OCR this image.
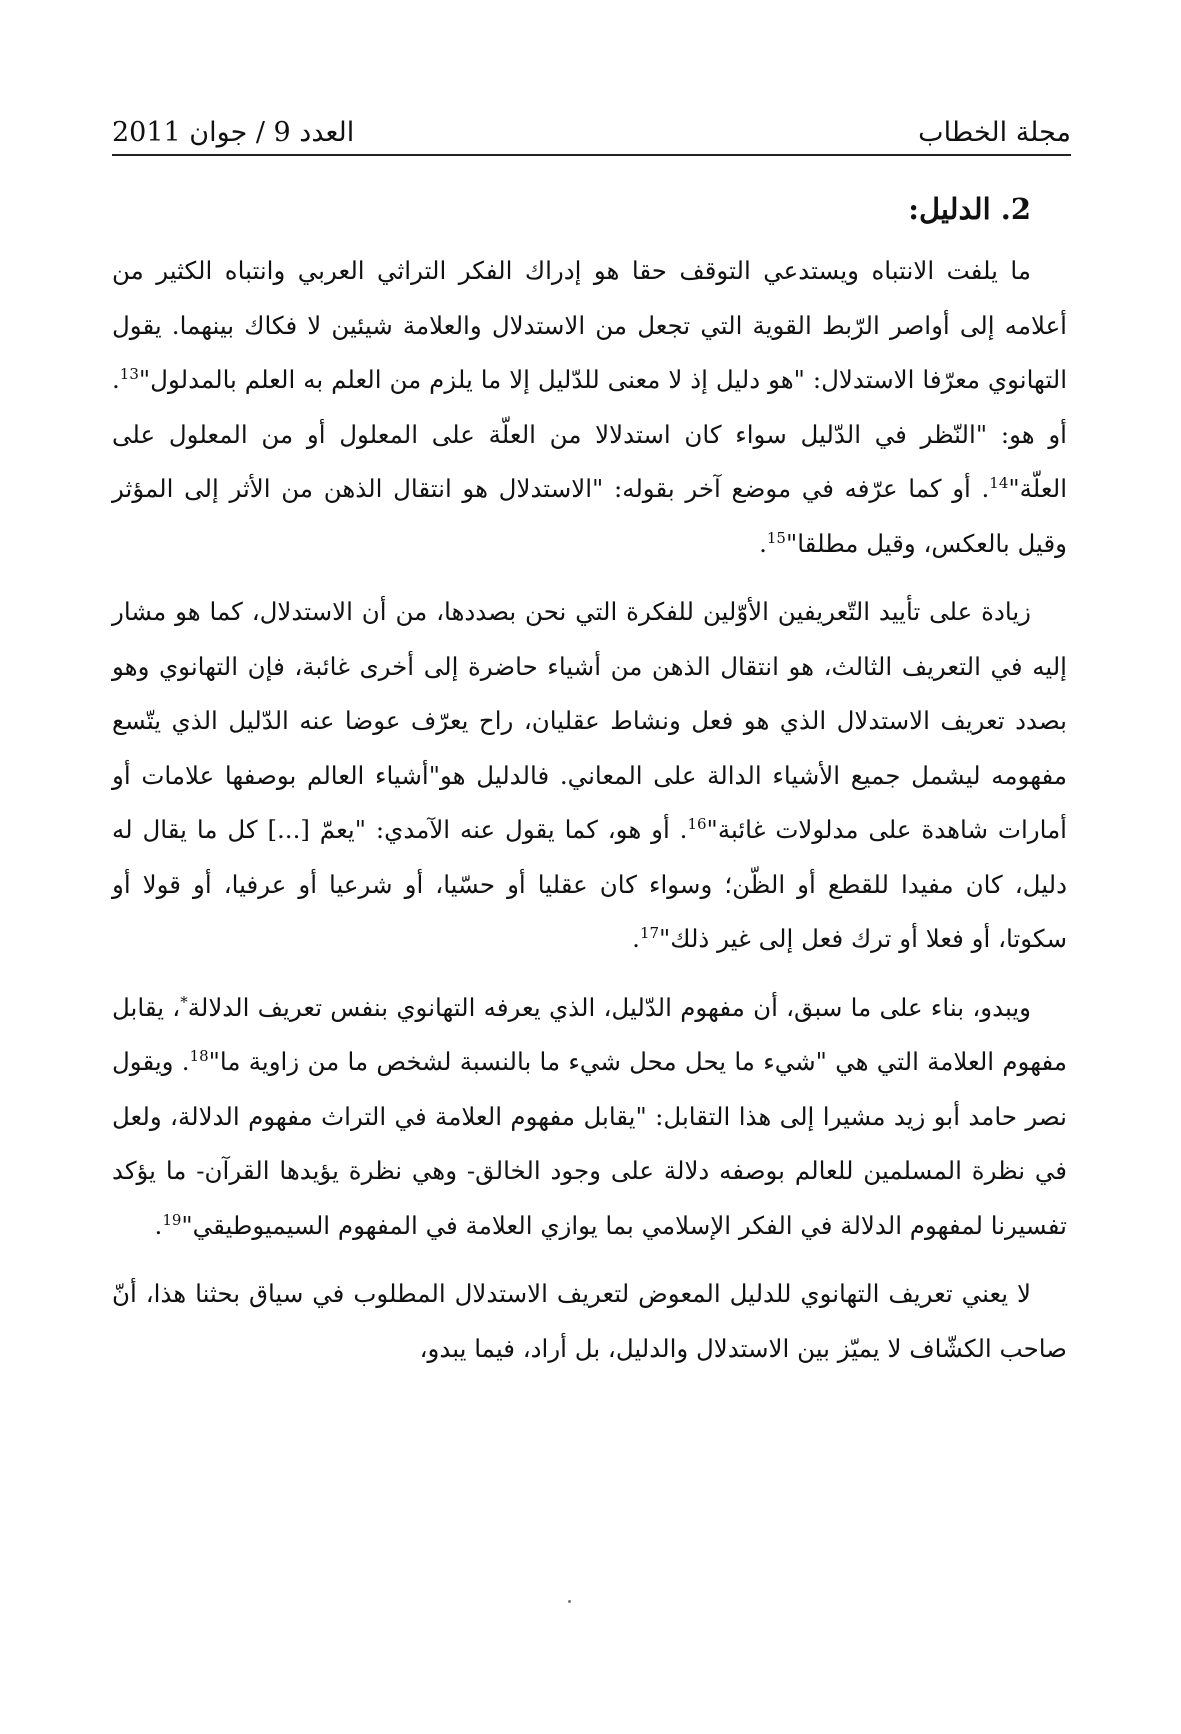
مجلة الخطاب
العدد 9 / جوان 2011
2. الدليل:

ما يلفت الانتباه ويستدعي التوقف حقا هو إدراك الفكر التراثي العربي وانتباه الكثير من أعلامه إلى أواصر الرّبط القوية التي تجعل من الاستدلال والعلامة شيئين لا فكاك بينهما. يقول التهانوي معرّفا الاستدلال: "هو دليل إذ لا معنى للدّليل إلا ما يلزم من العلم به العلم بالمدلول"$^{13}$. أو هو: "النّظر في الدّليل سواء كان استدلالا من العلّة على المعلول أو من المعلول على العلّة"$^{14}$. أو كما عرّفه في موضع آخر بقوله: "الاستدلال هو انتقال الذهن من الأثر إلى المؤثر وقيل بالعكس، وقيل مطلقا"$^{15}$.

زيادة على تأييد التّعريفين الأوّلين للفكرة التي نحن بصددها، من أن الاستدلال، كما هو مشار إليه في التعريف الثالث، هو انتقال الذهن من أشياء حاضرة إلى أخرى غائبة، فإن التهانوي وهو بصدد تعريف الاستدلال الذي هو فعل ونشاط عقليان، راح يعرّف عوضا عنه الدّليل الذي يتّسع مفهومه ليشمل جميع الأشياء الدالة على المعاني. فالدليل هو"أشياء العالم بوصفها علامات أو أمارات شاهدة على مدلولات غائبة"$^{16}$. أو هو، كما يقول عنه الآمدي: "يعمّ [...] كل ما يقال له دليل، كان مفيدا للقطع أو الظّن؛ وسواء كان عقليا أو حسّيا، أو شرعيا أو عرفيا، أو قولا أو سكوتا، أو فعلا أو ترك فعل إلى غير ذلك"$^{17}$.

ويبدو، بناء على ما سبق، أن مفهوم الدّليل، الذي يعرفه التهانوي بنفس تعريف الدلالة*، يقابل مفهوم العلامة التي هي "شيء ما يحل محل شيء ما بالنسبة لشخص ما من زاوية ما"$^{18}$. ويقول نصر حامد أبو زيد مشيرا إلى هذا التقابل: "يقابل مفهوم العلامة في التراث مفهوم الدلالة، ولعل في نظرة المسلمين للعالم بوصفه دلالة على وجود الخالق- وهي نظرة يؤيدها القرآن- ما يؤكد تفسيرنا لمفهوم الدلالة في الفكر الإسلامي بما يوازي العلامة في المفهوم السيميوطيقي"$^{19}$.

لا يعني تعريف التهانوي للدليل المعوض لتعريف الاستدلال المطلوب في سياق بحثنا هذا، أنّ صاحب الكشّاف لا يميّز بين الاستدلال والدليل، بل أراد، فيما يبدو،
